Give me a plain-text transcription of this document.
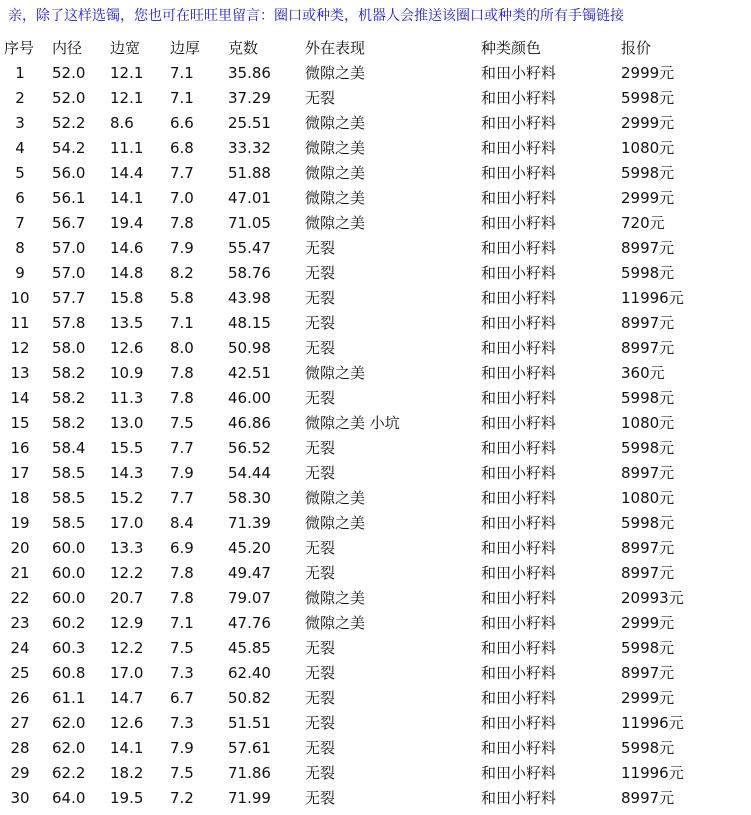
亲，除了这样选镯，您也可在旺旺里留言：圈口或种类，机器人会推送该圈口或种类的所有手镯链接
序号	内径	边宽	边厚	克数	外在表现	种类颜色	报价
1	52.0	12.1	7.1	35.86	微隙之美	和田小籽料	2999元
2	52.0	12.1	7.1	37.29	无裂	和田小籽料	5998元
3	52.2	8.6	6.6	25.51	微隙之美	和田小籽料	2999元
4	54.2	11.1	6.8	33.32	微隙之美	和田小籽料	1080元
5	56.0	14.4	7.7	51.88	微隙之美	和田小籽料	5998元
6	56.1	14.1	7.0	47.01	微隙之美	和田小籽料	2999元
7	56.7	19.4	7.8	71.05	微隙之美	和田小籽料	720元
8	57.0	14.6	7.9	55.47	无裂	和田小籽料	8997元
9	57.0	14.8	8.2	58.76	无裂	和田小籽料	5998元
10	57.7	15.8	5.8	43.98	无裂	和田小籽料	11996元
11	57.8	13.5	7.1	48.15	无裂	和田小籽料	8997元
12	58.0	12.6	8.0	50.98	无裂	和田小籽料	8997元
13	58.2	10.9	7.8	42.51	微隙之美	和田小籽料	360元
14	58.2	11.3	7.8	46.00	无裂	和田小籽料	5998元
15	58.2	13.0	7.5	46.86	微隙之美 小坑	和田小籽料	1080元
16	58.4	15.5	7.7	56.52	无裂	和田小籽料	5998元
17	58.5	14.3	7.9	54.44	无裂	和田小籽料	8997元
18	58.5	15.2	7.7	58.30	微隙之美	和田小籽料	1080元
19	58.5	17.0	8.4	71.39	微隙之美	和田小籽料	5998元
20	60.0	13.3	6.9	45.20	无裂	和田小籽料	8997元
21	60.0	12.2	7.8	49.47	无裂	和田小籽料	8997元
22	60.0	20.7	7.8	79.07	微隙之美	和田小籽料	20993元
23	60.2	12.9	7.1	47.76	微隙之美	和田小籽料	2999元
24	60.3	12.2	7.5	45.85	无裂	和田小籽料	5998元
25	60.8	17.0	7.3	62.40	无裂	和田小籽料	8997元
26	61.1	14.7	6.7	50.82	无裂	和田小籽料	2999元
27	62.0	12.6	7.3	51.51	无裂	和田小籽料	11996元
28	62.0	14.1	7.9	57.61	无裂	和田小籽料	5998元
29	62.2	18.2	7.5	71.86	无裂	和田小籽料	11996元
30	64.0	19.5	7.2	71.99	无裂	和田小籽料	8997元
